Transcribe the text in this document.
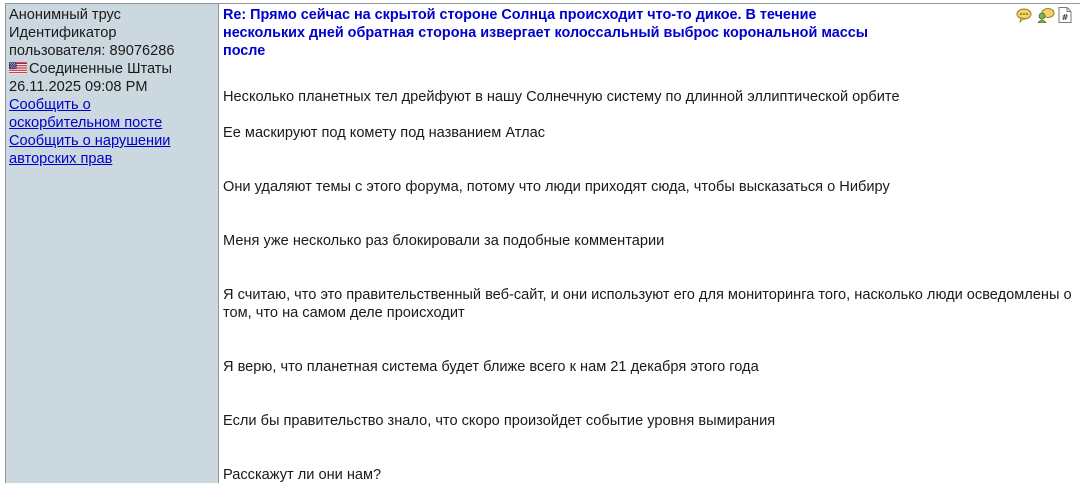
Анонимный трус
Идентификатор
пользователя: 89076286
Соединенные Штаты
26.11.2025 09:08 PM
Сообщить о
оскорбительном посте
Сообщить о нарушении
авторских прав
#

Re: Прямо сейчас на скрытой стороне Солнца происходит что-то дикое. В течение нескольких дней обратная сторона извергает колоссальный выброс корональной массы после

Несколько планетных тел дрейфуют в нашу Солнечную систему по длинной эллиптической орбите

Ее маскируют под комету под названием Атлас

Они удаляют темы с этого форума, потому что люди приходят сюда, чтобы высказаться о Нибиру

Меня уже несколько раз блокировали за подобные комментарии

Я считаю, что это правительственный веб-сайт, и они используют его для мониторинга того, насколько люди осведомлены о том, что на самом деле происходит

Я верю, что планетная система будет ближе всего к нам 21 декабря этого года

Если бы правительство знало, что скоро произойдет событие уровня вымирания

Расскажут ли они нам?
